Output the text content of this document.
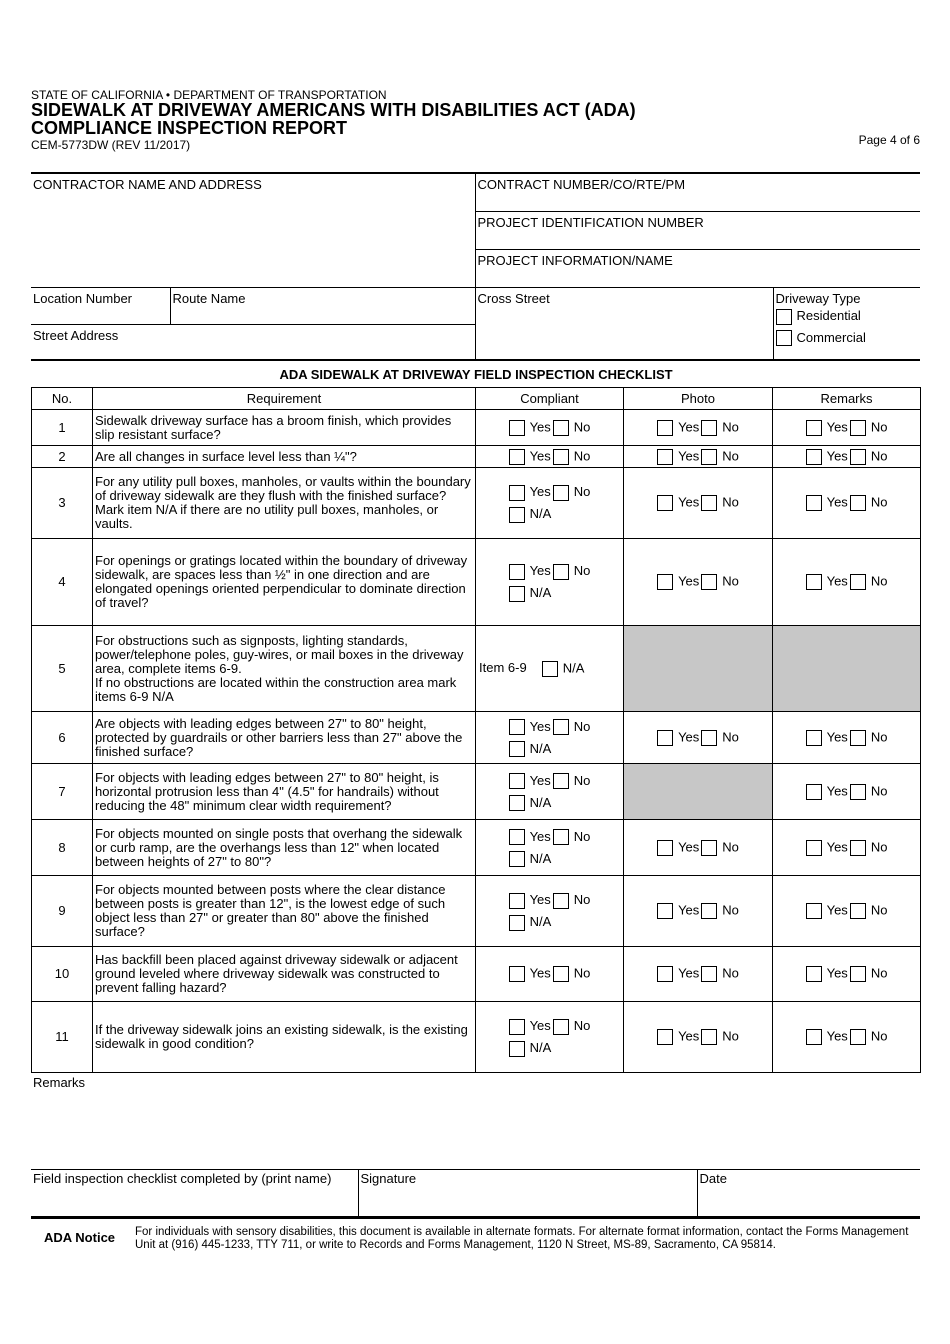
STATE OF CALIFORNIA • DEPARTMENT OF TRANSPORTATION
SIDEWALK AT DRIVEWAY AMERICANS WITH DISABILITIES ACT (ADA)
COMPLIANCE INSPECTION REPORT
CEM-5773DW (REV 11/2017)	Page 4 of 6
CONTRACTOR NAME AND ADDRESS		CONTRACT NUMBER/CO/RTE/PM	
		PROJECT IDENTIFICATION NUMBER	
		PROJECT INFORMATION/NAME	
Location Number	Route Name	Cross Street	Driveway Type
Residential
Commercial

Street Address			
ADA SIDEWALK AT DRIVEWAY FIELD INSPECTION CHECKLIST				
No.	Requirement	Compliant	Photo	Remarks
1	Sidewalk driveway surface has a broom finish, which provides slip resistant surface?	Yes No	Yes No	Yes No

2	Are all changes in surface level less than ¼"?	Yes No	Yes No	Yes No

3	For any utility pull boxes, manholes, or vaults within the boundary of driveway sidewalk are they flush with the finished surface? Mark item N/A if there are no utility pull boxes, manholes, or vaults.	Yes No
N/A	Yes No	Yes No

4	For openings or gratings located within the boundary of driveway sidewalk, are spaces less than ½" in one direction and are elongated openings oriented perpendicular to dominate direction of travel?	Yes No
N/A	Yes No	Yes No

5	For obstructions such as signposts, lighting standards, power/telephone poles, guy-wires, or mail boxes in the driveway area, complete items 6-9.
If no obstructions are located within the construction area mark items 6-9 N/A	Item 6-9 N/A		
6	Are objects with leading edges between 27" to 80" height, protected by guardrails or other barriers less than 27" above the finished surface?	Yes No
N/A	Yes No	Yes No

7	For objects with leading edges between 27" to 80" height, is horizontal protrusion less than 4" (4.5" for handrails) without reducing the 48" minimum clear width requirement?	Yes No
N/A		Yes No

8	For objects mounted on single posts that overhang the sidewalk or curb ramp, are the overhangs less than 12" when located between heights of 27" to 80"?	Yes No
N/A	Yes No	Yes No

9	For objects mounted between posts where the clear distance between posts is greater than 12", is the lowest edge of such object less than 27" or greater than 80" above the finished surface?	Yes No
N/A	Yes No	Yes No

10	Has backfill been placed against driveway sidewalk or adjacent ground leveled where driveway sidewalk was constructed to prevent falling hazard?	Yes No	Yes No	Yes No

11	If the driveway sidewalk joins an existing sidewalk, is the existing sidewalk in good condition?	Yes No
N/A	Yes No	Yes No
Remarks
Field inspection checklist completed by (print name)	Signature	Date
ADA Notice For individuals with sensory disabilities, this document is available in alternate formats. For alternate format information, contact the Forms Management Unit at (916) 445-1233, TTY 711, or write to Records and Forms Management, 1120 N Street, MS-89, Sacramento, CA 95814.
